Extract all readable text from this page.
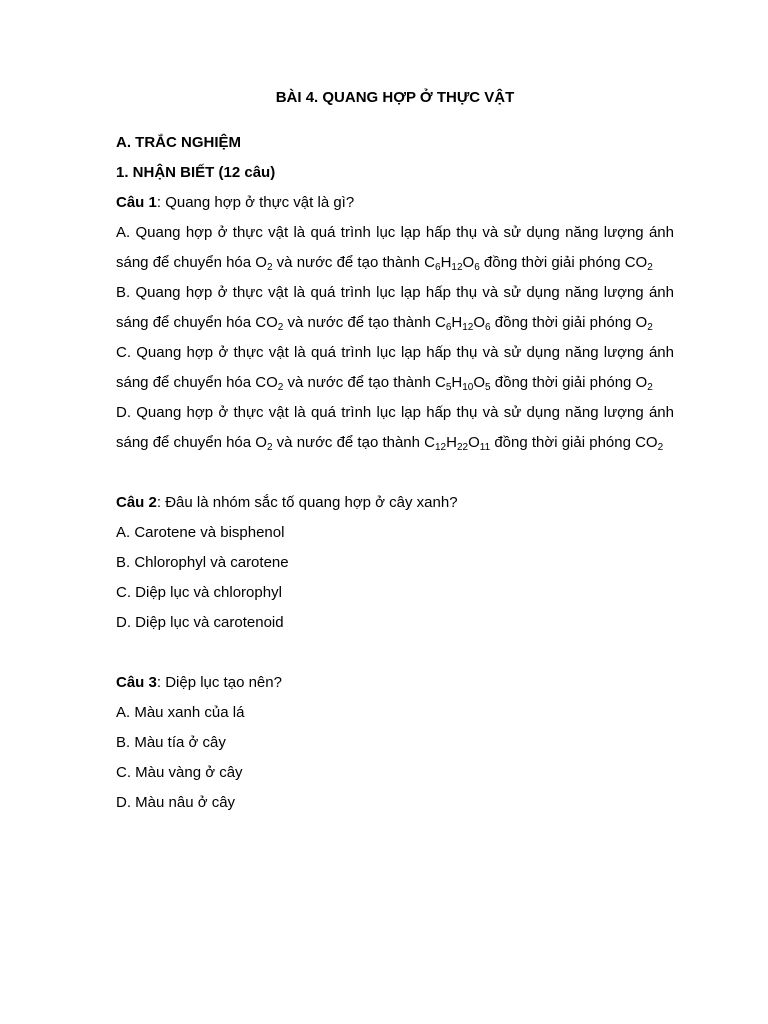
BÀI 4. QUANG HỢP Ở THỰC VẬT

A. TRẮC NGHIỆM

1. NHẬN BIẾT (12 câu)

Câu 1: Quang hợp ở thực vật là gì?

A. Quang hợp ở thực vật là quá trình lục lạp hấp thụ và sử dụng năng lượng ánh sáng để chuyển hóa $O_2$ và nước để tạo thành $C_6H_{12}O_6$ đồng thời giải phóng $CO_2$

B. Quang hợp ở thực vật là quá trình lục lạp hấp thụ và sử dụng năng lượng ánh sáng để chuyển hóa $CO_2$ và nước để tạo thành $C_6H_{12}O_6$ đồng thời giải phóng $O_2$

C. Quang hợp ở thực vật là quá trình lục lạp hấp thụ và sử dụng năng lượng ánh sáng để chuyển hóa $CO_2$ và nước để tạo thành $C_5H_{10}O_5$ đồng thời giải phóng $O_2$

D. Quang hợp ở thực vật là quá trình lục lạp hấp thụ và sử dụng năng lượng ánh sáng để chuyển hóa $O_2$ và nước để tạo thành $C_{12}H_{22}O_{11}$ đồng thời giải phóng $CO_2$

Câu 2: Đâu là nhóm sắc tố quang hợp ở cây xanh?

A. Carotene và bisphenol

B. Chlorophyl và carotene

C. Diệp lục và chlorophyl

D. Diệp lục và carotenoid

Câu 3: Diệp lục tạo nên?

A. Màu xanh của lá

B. Màu tía ở cây

C. Màu vàng ở cây

D. Màu nâu ở cây
